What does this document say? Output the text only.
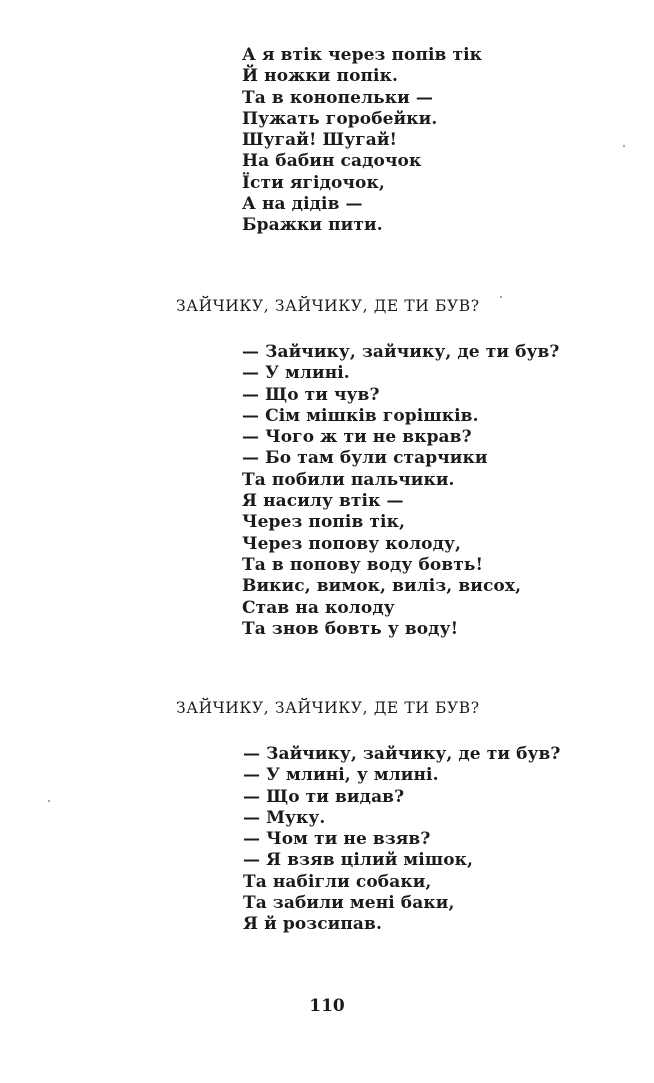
А я втік через попів тік
Й ножки попік.
Та в конопельки —
Пужать горобейки.
Шугай! Шугай!
На бабин садочок
Їсти ягідочок,
А на дідів —
Бражки пити.
ЗАЙЧИКУ, ЗАЙЧИКУ, ДЕ ТИ БУВ?
— Зайчику, зайчику, де ти був?
— У млині.
— Що ти чув?
— Сім мішків горішків.
— Чого ж ти не вкрав?
— Бо там були старчики
Та побили пальчики.
Я насилу втік —
Через попів тік,
Через попову колоду,
Та в попову воду бовть!
Викис, вимок, виліз, висох,
Став на колоду
Та знов бовть у воду!
ЗАЙЧИКУ, ЗАЙЧИКУ, ДЕ ТИ БУВ?
— Зайчику, зайчику, де ти був?
— У млині, у млині.
— Що ти видав?
— Муку.
— Чом ти не взяв?
— Я взяв цілий мішок,
Та набігли собаки,
Та забили мені баки,
Я й розсипав.
110
